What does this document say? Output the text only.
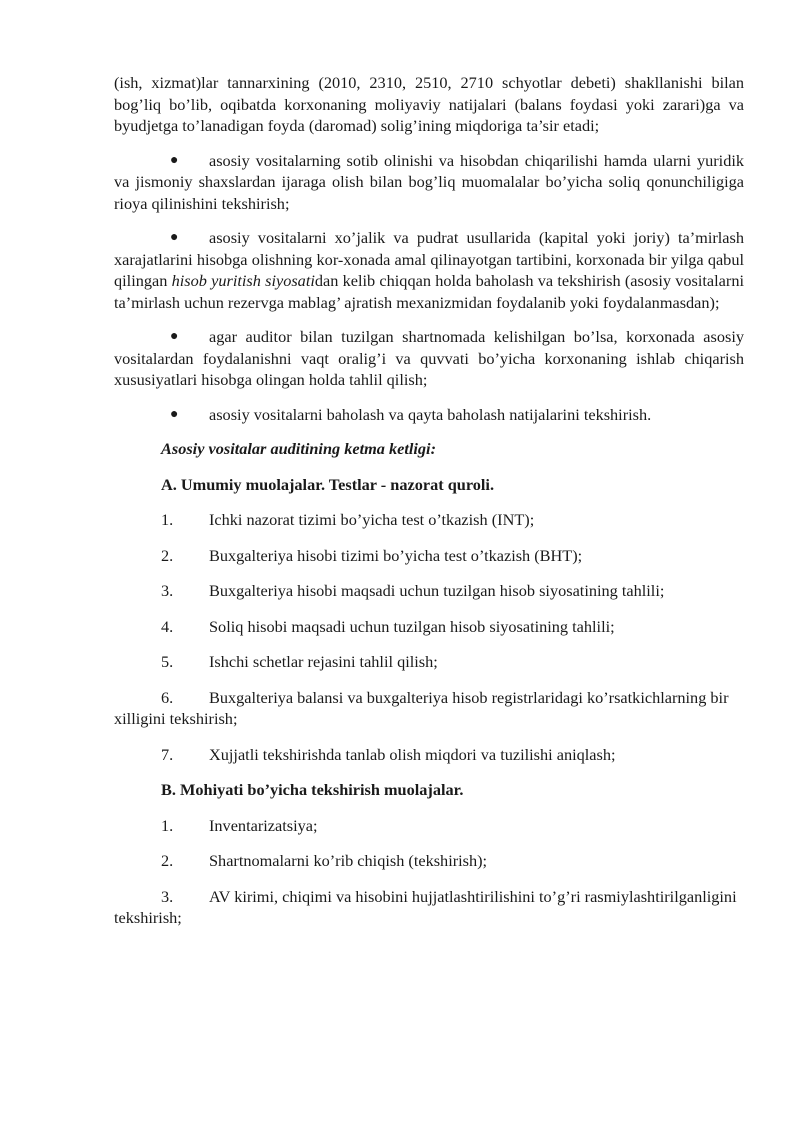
(ish, xizmat)lar tannarxining (2010, 2310, 2510, 2710 schyotlar debeti) shakllanishi bilan bog’liq bo’lib, oqibatda korxonaning moliyaviy natijalari (balans foydasi yoki zarari)ga va byudjetga to’lanadigan foyda (daromad) solig’ining miqdoriga ta’sir etadi;

● asosiy vositalarning sotib olinishi va hisobdan chiqarilishi hamda ularni yuridik va jismoniy shaxslardan ijaraga olish bilan bog’liq muomalalar bo’yicha soliq qonunchiligiga rioya qilinishini tekshirish;

● asosiy vositalarni xo’jalik va pudrat usullarida (kapital yoki joriy) ta’mirlash xarajatlarini hisobga olishning kor-xonada amal qilinayotgan tartibini, korxonada bir yilga qabul qilingan hisob yuritish siyosatidan kelib chiqqan holda baholash va tekshirish (asosiy vositalarni ta’mirlash uchun rezervga mablag’ ajratish mexanizmidan foydalanib yoki foydalanmasdan);

● agar auditor bilan tuzilgan shartnomada kelishilgan bo’lsa, korxonada asosiy vositalardan foydalanishni vaqt oralig’i va quvvati bo’yicha korxonaning ishlab chiqarish xususiyatlari hisobga olingan holda tahlil qilish;

● asosiy vositalarni baholash va qayta baholash natijalarini tekshirish.

Asosiy vositalar auditining ketma ketligi:

A. Umumiy muolajalar. Testlar - nazorat quroli.

1. Ichki nazorat tizimi bo’yicha test o’tkazish (INT);

2. Buxgalteriya hisobi tizimi bo’yicha test o’tkazish (BHT);

3. Buxgalteriya hisobi maqsadi uchun tuzilgan hisob siyosatining tahlili;

4. Soliq hisobi maqsadi uchun tuzilgan hisob siyosatining tahlili;

5. Ishchi schetlar rejasini tahlil qilish;

6. Buxgalteriya balansi va buxgalteriya hisob registrlaridagi ko’rsatkichlarning bir xilligini tekshirish;

7. Xujjatli tekshirishda tanlab olish miqdori va tuzilishi aniqlash;

B. Mohiyati bo’yicha tekshirish muolajalar.

1. Inventarizatsiya;

2. Shartnomalarni ko’rib chiqish (tekshirish);

3. AV kirimi, chiqimi va hisobini hujjatlashtirilishini to’g’ri rasmiylashtirilganligini tekshirish;
